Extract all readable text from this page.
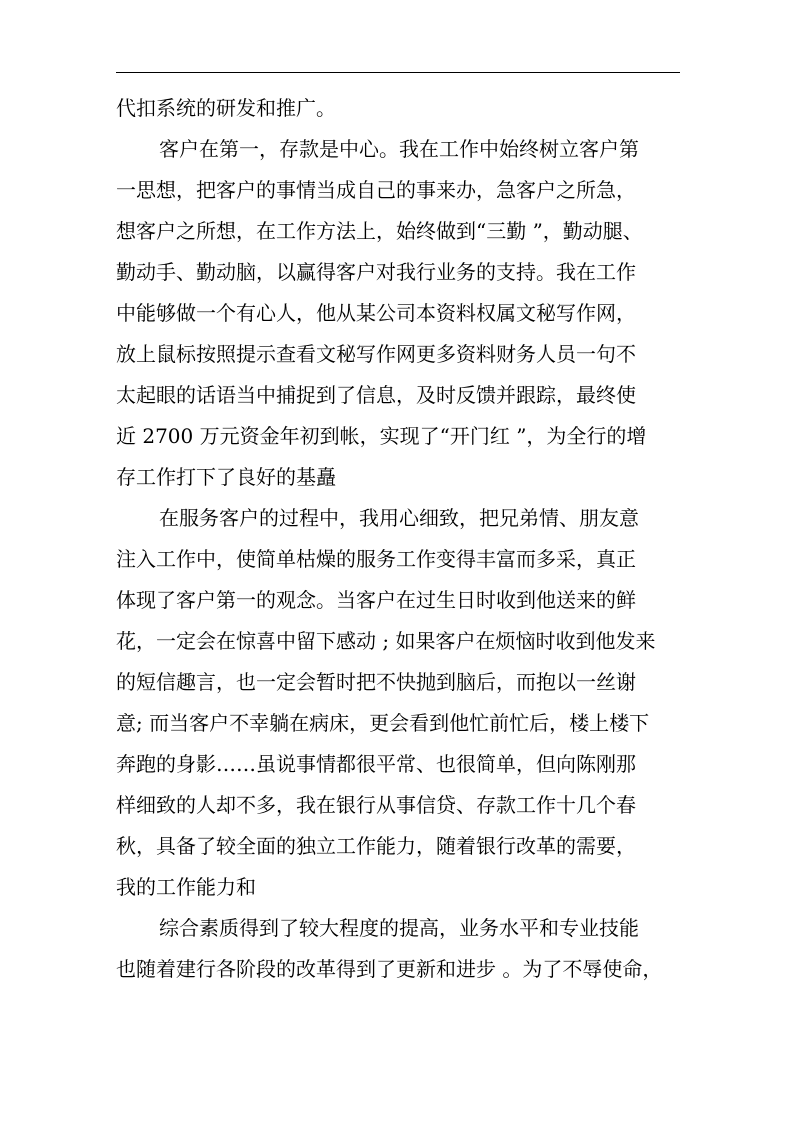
代扣系统的研发和推广。
客户在第一，存款是中心。我在工作中始终树立客户第
一思想，把客户的事情当成自己的事来办，急客户之所急，
想客户之所想，在工作方法上，始终做到“三勤 ”，勤动腿、
勤动手、勤动脑，以赢得客户对我行业务的支持。我在工作
中能够做一个有心人，他从某公司本资料权属文秘写作网，
放上鼠标按照提示查看文秘写作网更多资料财务人员一句不
太起眼的话语当中捕捉到了信息，及时反馈并跟踪，最终使
近 2700 万元资金年初到帐，实现了“开门红 ”，为全行的增
存工作打下了良好的基矗
在服务客户的过程中，我用心细致，把兄弟情、朋友意
注入工作中，使简单枯燥的服务工作变得丰富而多采，真正
体现了客户第一的观念。当客户在过生日时收到他送来的鲜
花，一定会在惊喜中留下感动 ; 如果客户在烦恼时收到他发来
的短信趣言，也一定会暂时把不快抛到脑后，而抱以一丝谢
意; 而当客户不幸躺在病床，更会看到他忙前忙后，楼上楼下
奔跑的身影……虽说事情都很平常、也很简单，但向陈刚那
样细致的人却不多，我在银行从事信贷、存款工作十几个春
秋，具备了较全面的独立工作能力，随着银行改革的需要，
我的工作能力和
综合素质得到了较大程度的提高，业务水平和专业技能
也随着建行各阶段的改革得到了更新和进步 。为了不辱使命，
